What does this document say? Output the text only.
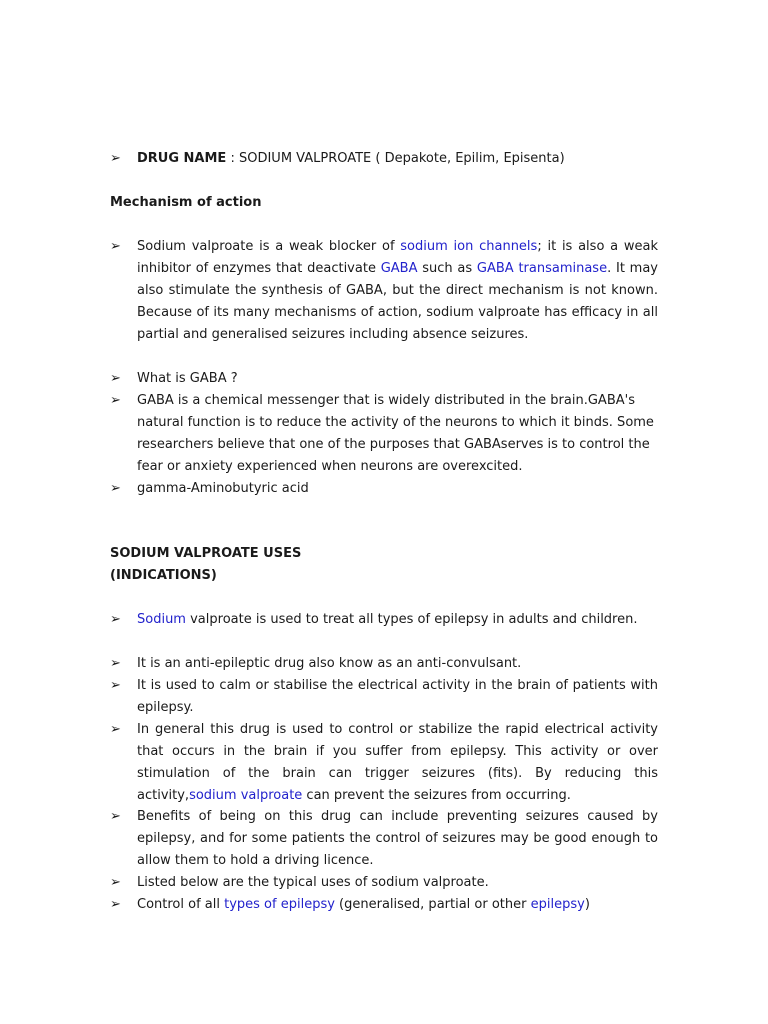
➢ DRUG NAME : SODIUM VALPROATE ( Depakote, Epilim, Episenta)
Mechanism of action
➢ Sodium valproate is a weak blocker of sodium ion channels; it is also a weak inhibitor of enzymes that deactivate GABA such as GABA transaminase. It may also stimulate the synthesis of GABA, but the direct mechanism is not known. Because of its many mechanisms of action, sodium valproate has efficacy in all partial and generalised seizures including absence seizures.
➢ What is GABA ?
➢ GABA is a chemical messenger that is widely distributed in the brain.GABA's natural function is to reduce the activity of the neurons to which it binds. Some researchers believe that one of the purposes that GABAserves is to control the fear or anxiety experienced when neurons are overexcited.
➢ gamma-Aminobutyric acid
SODIUM VALPROATE USES
(INDICATIONS)
➢ Sodium valproate is used to treat all types of epilepsy in adults and children.
➢ It is an anti-epileptic drug also know as an anti-convulsant.
➢ It is used to calm or stabilise the electrical activity in the brain of patients with epilepsy.
➢ In general this drug is used to control or stabilize the rapid electrical activity that occurs in the brain if you suffer from epilepsy. This activity or over stimulation of the brain can trigger seizures (fits). By reducing this activity,sodium valproate can prevent the seizures from occurring.
➢ Benefits of being on this drug can include preventing seizures caused by epilepsy, and for some patients the control of seizures may be good enough to allow them to hold a driving licence.
➢ Listed below are the typical uses of sodium valproate.
➢ Control of all types of epilepsy (generalised, partial or other epilepsy)
